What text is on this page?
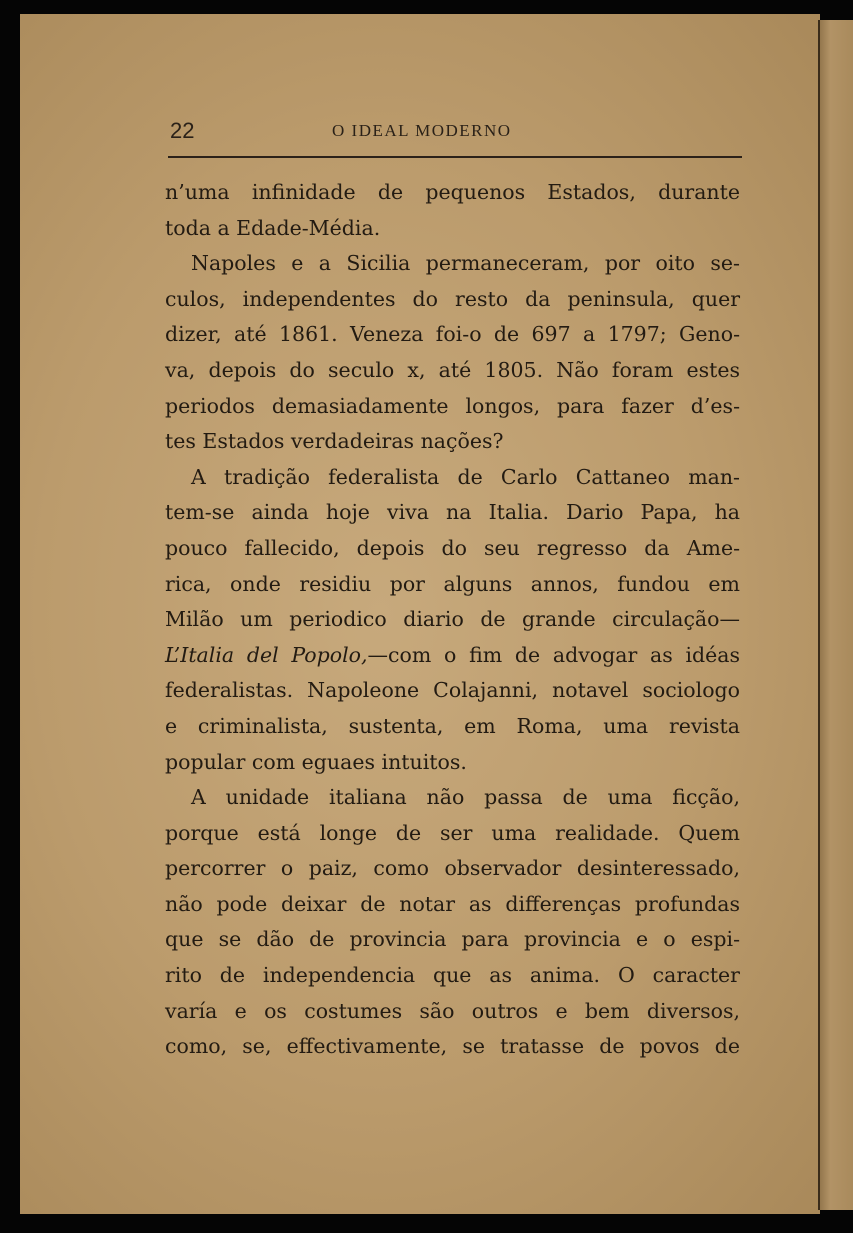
22	O IDEAL MODERNO
n’uma infinidade de pequenos Estados, durante
toda a Edade-Média.
Napoles e a Sicilia permaneceram, por oito se-
culos, independentes do resto da peninsula, quer
dizer, até 1861. Veneza foi-o de 697 a 1797; Geno-
va, depois do seculo x, até 1805. Não foram estes
periodos demasiadamente longos, para fazer d’es-
tes Estados verdadeiras nações?
A tradição federalista de Carlo Cattaneo man-
tem-se ainda hoje viva na Italia. Dario Papa, ha
pouco fallecido, depois do seu regresso da Ame-
rica, onde residiu por alguns annos, fundou em
Milão um periodico diario de grande circulação—
L’Italia del Popolo,—com o fim de advogar as idéas
federalistas. Napoleone Colajanni, notavel sociologo
e criminalista, sustenta, em Roma, uma revista
popular com eguaes intuitos.
A unidade italiana não passa de uma ficção,
porque está longe de ser uma realidade. Quem
percorrer o paiz, como observador desinteressado,
não pode deixar de notar as differenças profundas
que se dão de provincia para provincia e o espi-
rito de independencia que as anima. O caracter
varía e os costumes são outros e bem diversos,
como, se, effectivamente, se tratasse de povos de
